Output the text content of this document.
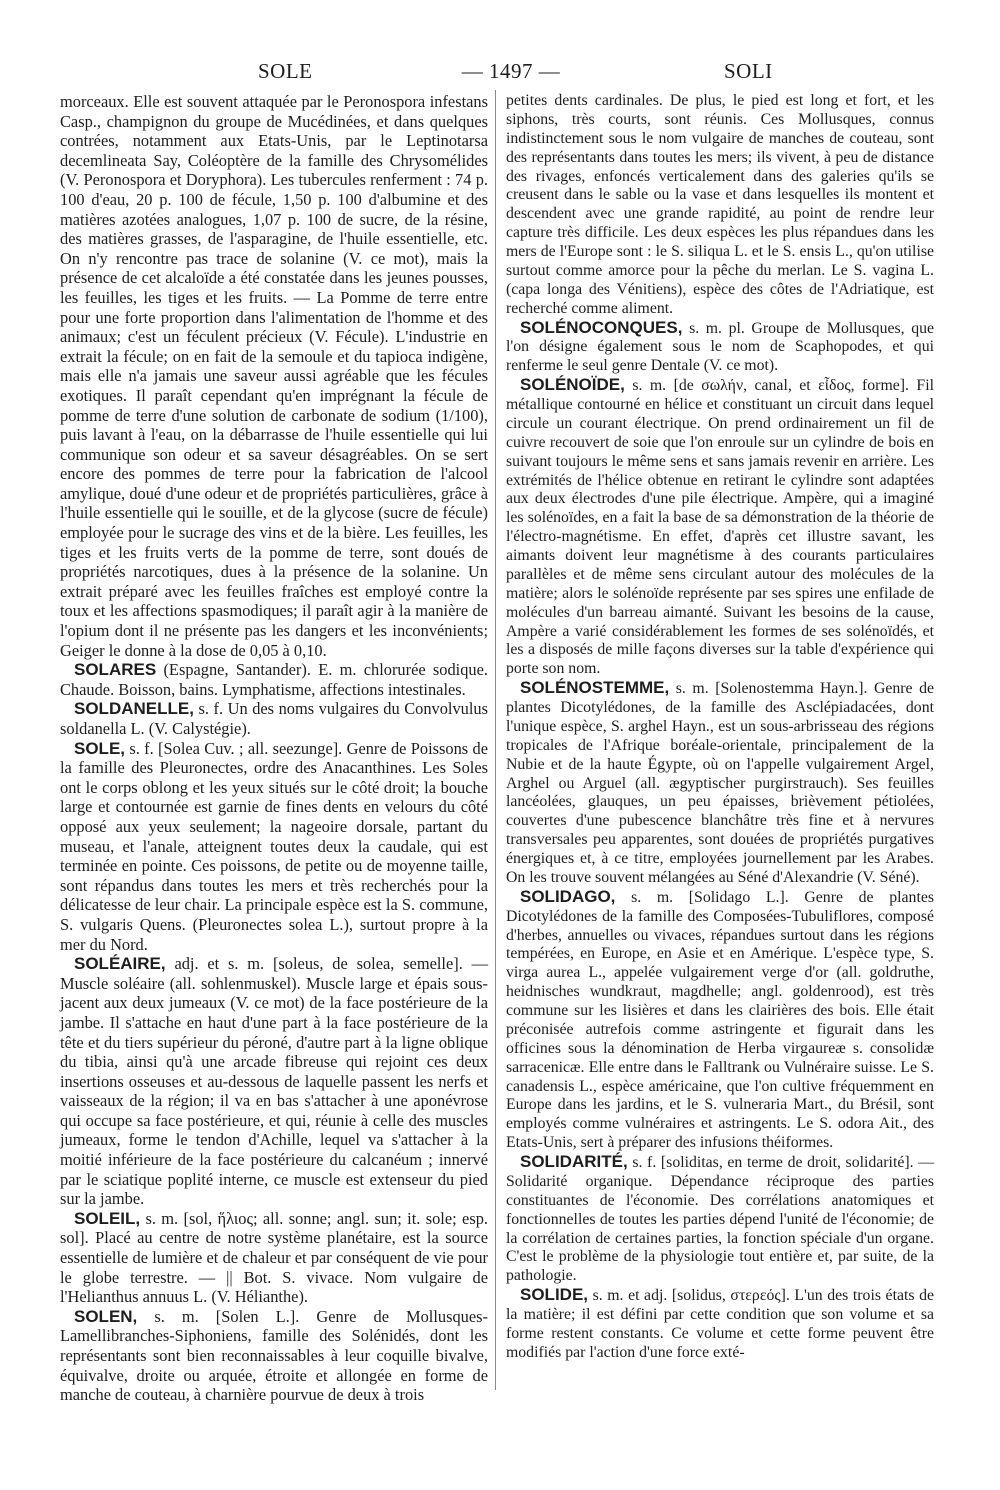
SOLE	— 1497 —	SOLI

morceaux. Elle est souvent attaquée par le Peronospora infestans Casp., champignon du groupe de Mucédinées, et dans quelques contrées, notamment aux Etats-Unis, par le Leptinotarsa decemlineata Say, Coléoptère de la famille des Chrysomélides (V. Peronospora et Doryphora). Les tubercules renferment : 74 p. 100 d'eau, 20 p. 100 de fécule, 1,50 p. 100 d'albumine et des matières azotées analogues, 1,07 p. 100 de sucre, de la résine, des matières grasses, de l'asparagine, de l'huile essentielle, etc. On n'y rencontre pas trace de solanine (V. ce mot), mais la présence de cet alcaloïde a été constatée dans les jeunes pousses, les feuilles, les tiges et les fruits. — La Pomme de terre entre pour une forte proportion dans l'alimentation de l'homme et des animaux; c'est un féculent précieux (V. Fécule). L'industrie en extrait la fécule; on en fait de la semoule et du tapioca indigène, mais elle n'a jamais une saveur aussi agréable que les fécules exotiques. Il paraît cependant qu'en imprégnant la fécule de pomme de terre d'une solution de carbonate de sodium (1/100), puis lavant à l'eau, on la débarrasse de l'huile essentielle qui lui communique son odeur et sa saveur désagréables. On se sert encore des pommes de terre pour la fabrication de l'alcool amylique, doué d'une odeur et de propriétés particulières, grâce à l'huile essentielle qui le souille, et de la glycose (sucre de fécule) employée pour le sucrage des vins et de la bière. Les feuilles, les tiges et les fruits verts de la pomme de terre, sont doués de propriétés narcotiques, dues à la présence de la solanine. Un extrait préparé avec les feuilles fraîches est employé contre la toux et les affections spasmodiques; il paraît agir à la manière de l'opium dont il ne présente pas les dangers et les inconvénients; Geiger le donne à la dose de 0,05 à 0,10.

SOLARES (Espagne, Santander). E. m. chlorurée sodique. Chaude. Boisson, bains. Lymphatisme, affections intestinales.

SOLDANELLE, s. f. Un des noms vulgaires du Convolvulus soldanella L. (V. Calystégie).

SOLE, s. f. [Solea Cuv. ; all. seezunge]. Genre de Poissons de la famille des Pleuronectes, ordre des Anacanthines. Les Soles ont le corps oblong et les yeux situés sur le côté droit; la bouche large et contournée est garnie de fines dents en velours du côté opposé aux yeux seulement; la nageoire dorsale, partant du museau, et l'anale, atteignent toutes deux la caudale, qui est terminée en pointe. Ces poissons, de petite ou de moyenne taille, sont répandus dans toutes les mers et très recherchés pour la délicatesse de leur chair. La principale espèce est la S. commune, S. vulgaris Quens. (Pleuronectes solea L.), surtout propre à la mer du Nord.

SOLÉAIRE, adj. et s. m. [soleus, de solea, semelle]. — Muscle soléaire (all. sohlenmuskel). Muscle large et épais sous-jacent aux deux jumeaux (V. ce mot) de la face postérieure de la jambe. Il s'attache en haut d'une part à la face postérieure de la tête et du tiers supérieur du péroné, d'autre part à la ligne oblique du tibia, ainsi qu'à une arcade fibreuse qui rejoint ces deux insertions osseuses et au-dessous de laquelle passent les nerfs et vaisseaux de la région; il va en bas s'attacher à une aponévrose qui occupe sa face postérieure, et qui, réunie à celle des muscles jumeaux, forme le tendon d'Achille, lequel va s'attacher à la moitié inférieure de la face postérieure du calcanéum ; innervé par le sciatique poplité interne, ce muscle est extenseur du pied sur la jambe.

SOLEIL, s. m. [sol, ἥλιος; all. sonne; angl. sun; it. sole; esp. sol]. Placé au centre de notre système planétaire, est la source essentielle de lumière et de chaleur et par conséquent de vie pour le globe terrestre. — || Bot. S. vivace. Nom vulgaire de l'Helianthus annuus L. (V. Hélianthe).

SOLEN, s. m. [Solen L.]. Genre de Mollusques-Lamellibranches-Siphoniens, famille des Solénidés, dont les représentants sont bien reconnaissables à leur coquille bivalve, équivalve, droite ou arquée, étroite et allongée en forme de manche de couteau, à charnière pourvue de deux à trois

petites dents cardinales. De plus, le pied est long et fort, et les siphons, très courts, sont réunis. Ces Mollusques, connus indistinctement sous le nom vulgaire de manches de couteau, sont des représentants dans toutes les mers; ils vivent, à peu de distance des rivages, enfoncés verticalement dans des galeries qu'ils se creusent dans le sable ou la vase et dans lesquelles ils montent et descendent avec une grande rapidité, au point de rendre leur capture très difficile. Les deux espèces les plus répandues dans les mers de l'Europe sont : le S. siliqua L. et le S. ensis L., qu'on utilise surtout comme amorce pour la pêche du merlan. Le S. vagina L. (capa longa des Vénitiens), espèce des côtes de l'Adriatique, est recherché comme aliment.

SOLÉNOCONQUES, s. m. pl. Groupe de Mollusques, que l'on désigne également sous le nom de Scaphopodes, et qui renferme le seul genre Dentale (V. ce mot).

SOLÉNOÏDE, s. m. [de σωλήν, canal, et εἶδος, forme]. Fil métallique contourné en hélice et constituant un circuit dans lequel circule un courant électrique. On prend ordinairement un fil de cuivre recouvert de soie que l'on enroule sur un cylindre de bois en suivant toujours le même sens et sans jamais revenir en arrière. Les extrémités de l'hélice obtenue en retirant le cylindre sont adaptées aux deux électrodes d'une pile électrique. Ampère, qui a imaginé les solénoïdes, en a fait la base de sa démonstration de la théorie de l'électro-magnétisme. En effet, d'après cet illustre savant, les aimants doivent leur magnétisme à des courants particulaires parallèles et de même sens circulant autour des molécules de la matière; alors le solénoïde représente par ses spires une enfilade de molécules d'un barreau aimanté. Suivant les besoins de la cause, Ampère a varié considérablement les formes de ses solénoïdés, et les a disposés de mille façons diverses sur la table d'expérience qui porte son nom.

SOLÉNOSTEMME, s. m. [Solenostemma Hayn.]. Genre de plantes Dicotylédones, de la famille des Asclépiadacées, dont l'unique espèce, S. arghel Hayn., est un sous-arbrisseau des régions tropicales de l'Afrique boréale-orientale, principalement de la Nubie et de la haute Égypte, où on l'appelle vulgairement Argel, Arghel ou Arguel (all. ægyptischer purgirstrauch). Ses feuilles lancéolées, glauques, un peu épaisses, brièvement pétiolées, couvertes d'une pubescence blanchâtre très fine et à nervures transversales peu apparentes, sont douées de propriétés purgatives énergiques et, à ce titre, employées journellement par les Arabes. On les trouve souvent mélangées au Séné d'Alexandrie (V. Séné).

SOLIDAGO, s. m. [Solidago L.]. Genre de plantes Dicotylédones de la famille des Composées-Tubuliflores, composé d'herbes, annuelles ou vivaces, répandues surtout dans les régions tempérées, en Europe, en Asie et en Amérique. L'espèce type, S. virga aurea L., appelée vulgairement verge d'or (all. goldruthe, heidnisches wundkraut, magdhelle; angl. goldenrood), est très commune sur les lisières et dans les clairières des bois. Elle était préconisée autrefois comme astringente et figurait dans les officines sous la dénomination de Herba virgaureæ s. consolidæ sarracenicæ. Elle entre dans le Falltrank ou Vulnéraire suisse. Le S. canadensis L., espèce américaine, que l'on cultive fréquemment en Europe dans les jardins, et le S. vulneraria Mart., du Brésil, sont employés comme vulnéraires et astringents. Le S. odora Ait., des Etats-Unis, sert à préparer des infusions théiformes.

SOLIDARITÉ, s. f. [soliditas, en terme de droit, solidarité]. — Solidarité organique. Dépendance réciproque des parties constituantes de l'économie. Des corrélations anatomiques et fonctionnelles de toutes les parties dépend l'unité de l'économie; de la corrélation de certaines parties, la fonction spéciale d'un organe. C'est le problème de la physiologie tout entière et, par suite, de la pathologie.

SOLIDE, s. m. et adj. [solidus, στερεός]. L'un des trois états de la matière; il est défini par cette condition que son volume et sa forme restent constants. Ce volume et cette forme peuvent être modifiés par l'action d'une force exté-
